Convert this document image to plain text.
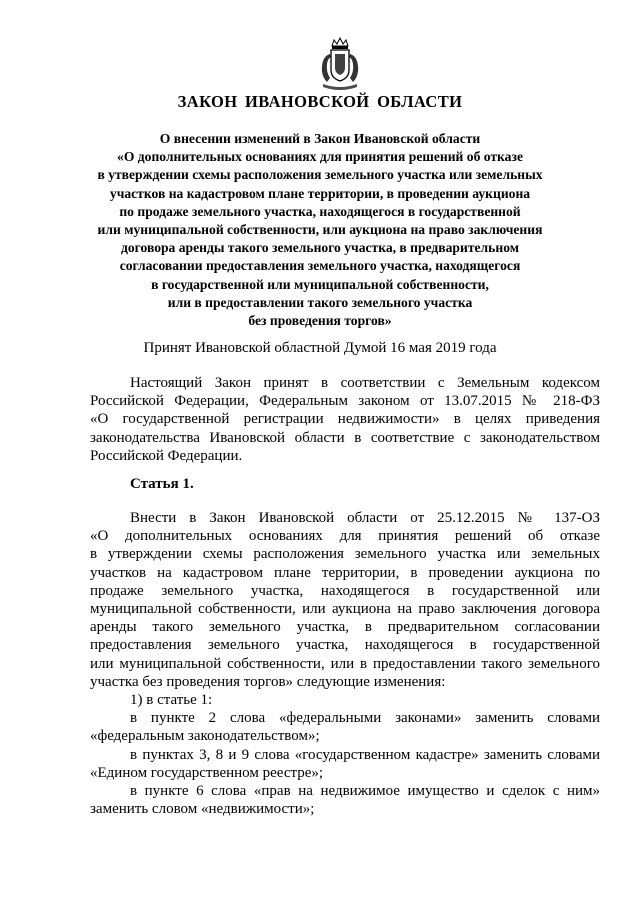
ЗАКОН ИВАНОВСКОЙ ОБЛАСТИ
О внесении изменений в Закон Ивановской области
«О дополнительных основаниях для принятия решений об отказе
в утверждении схемы расположения земельного участка или земельных
участков на кадастровом плане территории, в проведении аукциона
по продаже земельного участка, находящегося в государственной
или муниципальной собственности, или аукциона на право заключения
договора аренды такого земельного участка, в предварительном
согласовании предоставления земельного участка, находящегося
в государственной или муниципальной собственности,
или в предоставлении такого земельного участка
без проведения торгов»
Принят Ивановской областной Думой 16 мая 2019 года
Настоящий Закон принят в соответствии с Земельным кодексом
Российской Федерации, Федеральным законом от 13.07.2015 № 218-ФЗ
«О государственной регистрации недвижимости» в целях приведения
законодательства Ивановской области в соответствие с законодательством
Российской Федерации.
Статья 1.
Внести в Закон Ивановской области от 25.12.2015 № 137-ОЗ
«О дополнительных основаниях для принятия решений об отказе
в утверждении схемы расположения земельного участка или земельных
участков на кадастровом плане территории, в проведении аукциона по
продаже земельного участка, находящегося в государственной или
муниципальной собственности, или аукциона на право заключения договора
аренды такого земельного участка, в предварительном согласовании
предоставления земельного участка, находящегося в государственной
или муниципальной собственности, или в предоставлении такого земельного
участка без проведения торгов» следующие изменения:
1) в статье 1:
в пункте 2 слова «федеральными законами» заменить словами
«федеральным законодательством»;
в пунктах 3, 8 и 9 слова «государственном кадастре» заменить словами
«Едином государственном реестре»;
в пункте 6 слова «прав на недвижимое имущество и сделок с ним»
заменить словом «недвижимости»;
